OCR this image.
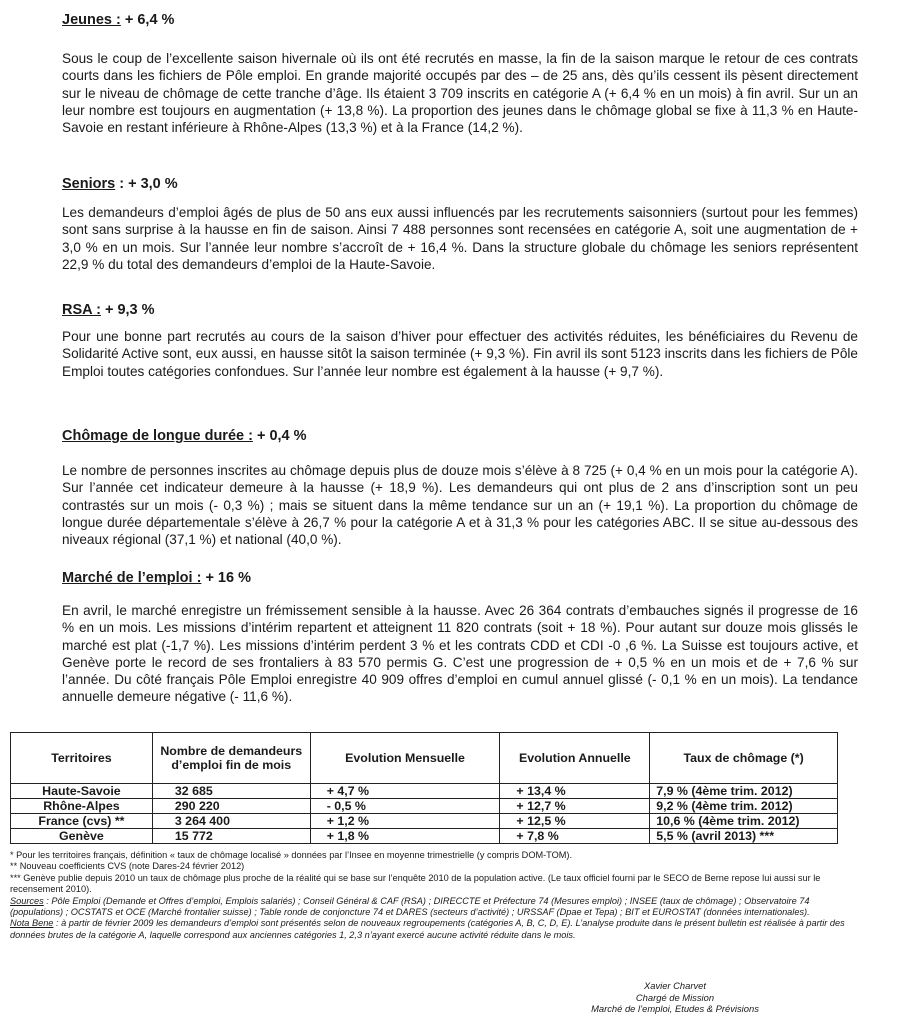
Jeunes : + 6,4 %
Sous le coup de l’excellente saison hivernale où ils ont été recrutés en masse, la fin de la saison marque le retour de ces contrats courts dans les fichiers de Pôle emploi. En grande majorité occupés par des – de 25 ans, dès qu’ils cessent ils pèsent directement sur le niveau de chômage de cette tranche d’âge. Ils étaient 3 709 inscrits en catégorie A (+ 6,4 % en un mois) à fin avril. Sur un an leur nombre est toujours en augmentation (+ 13,8 %). La proportion des jeunes dans le chômage global se fixe à 11,3 % en Haute-Savoie en restant inférieure à Rhône-Alpes (13,3 %) et à la France (14,2 %).
Seniors : + 3,0 %
Les demandeurs d’emploi âgés de plus de 50 ans eux aussi influencés par les recrutements saisonniers (surtout pour les femmes) sont sans surprise à la hausse en fin de saison. Ainsi 7 488 personnes sont recensées en catégorie A, soit une augmentation de + 3,0 % en un mois. Sur l’année leur nombre s’accroît de + 16,4 %. Dans la structure globale du chômage les seniors représentent 22,9 % du total des demandeurs d’emploi de la Haute-Savoie.
RSA : + 9,3 %
Pour une bonne part recrutés au cours de la saison d’hiver pour effectuer des activités réduites, les bénéficiaires du Revenu de Solidarité Active sont, eux aussi, en hausse sitôt la saison terminée (+ 9,3 %). Fin avril ils sont 5123 inscrits dans les fichiers de Pôle Emploi toutes catégories confondues. Sur l’année leur nombre est également à la hausse (+ 9,7 %).
Chômage de longue durée : + 0,4 %
Le nombre de personnes inscrites au chômage depuis plus de douze mois s’élève à 8 725 (+ 0,4 % en un mois pour la catégorie A). Sur l’année cet indicateur demeure à la hausse (+ 18,9 %). Les demandeurs qui ont plus de 2 ans d’inscription sont un peu contrastés sur un mois (- 0,3 %) ; mais se situent dans la même tendance sur un an (+ 19,1 %). La proportion du chômage de longue durée départementale s’élève à 26,7 % pour la catégorie A et à 31,3 % pour les catégories ABC. Il se situe au-dessous des niveaux régional (37,1 %) et national (40,0 %).
Marché de l’emploi : + 16 %
En avril, le marché enregistre un frémissement sensible à la hausse. Avec 26 364 contrats d’embauches signés il progresse de 16 % en un mois. Les missions d’intérim repartent et atteignent 11 820 contrats (soit + 18 %). Pour autant sur douze mois glissés le marché est plat (-1,7 %). Les missions d’intérim perdent 3 % et les contrats CDD et CDI -0 ,6 %. La Suisse est toujours active, et Genève porte le record de ses frontaliers à 83 570 permis G. C’est une progression de + 0,5 % en un mois et de + 7,6 % sur l’année. Du côté français Pôle Emploi enregistre 40 909 offres d’emploi en cumul annuel glissé (- 0,1 % en un mois). La tendance annuelle demeure négative (- 11,6 %).
Territoires	Nombre de demandeurs d’emploi fin de mois	Evolution Mensuelle	Evolution Annuelle	Taux de chômage (*)
Haute-Savoie	32 685	+ 4,7 %	+ 13,4 %	7,9 % (4ème trim. 2012)
Rhône-Alpes	290 220	- 0,5 %	+ 12,7 %	9,2 % (4ème trim. 2012)
France (cvs) **	3 264 400	+ 1,2 %	+ 12,5 %	10,6 % (4ème trim. 2012)
Genève	15 772	+ 1,8 %	+ 7,8 %	5,5 % (avril 2013) ***
* Pour les territoires français, définition « taux de chômage localisé » données par l’Insee en moyenne trimestrielle (y compris DOM-TOM).
** Nouveau coefficients CVS (note Dares-24 février 2012)
*** Genève publie depuis 2010 un taux de chômage plus proche de la réalité qui se base sur l’enquête 2010 de la population active. (Le taux officiel fourni par le SECO de Berne repose lui aussi sur le recensement 2010).
Sources : Pôle Emploi (Demande et Offres d’emploi, Emplois salariés) ; Conseil Général & CAF (RSA) ; DIRECCTE et Préfecture 74 (Mesures emploi) ; INSEE (taux de chômage) ; Observatoire 74 (populations) ; OCSTATS et OCE (Marché frontalier suisse) ; Table ronde de conjoncture 74 et DARES (secteurs d’activité) ; URSSAF (Dpae et Tepa) ; BIT et EUROSTAT (données internationales).
Nota Bene : à partir de février 2009 les demandeurs d’emploi sont présentés selon de nouveaux regroupements (catégories A, B, C, D, E). L’analyse produite dans le présent bulletin est réalisée à partir des données brutes de la catégorie A, laquelle correspond aux anciennes catégories 1, 2,3 n’ayant exercé aucune activité réduite dans le mois.
Xavier Charvet
Chargé de Mission
Marché de l’emploi, Etudes & Prévisions
